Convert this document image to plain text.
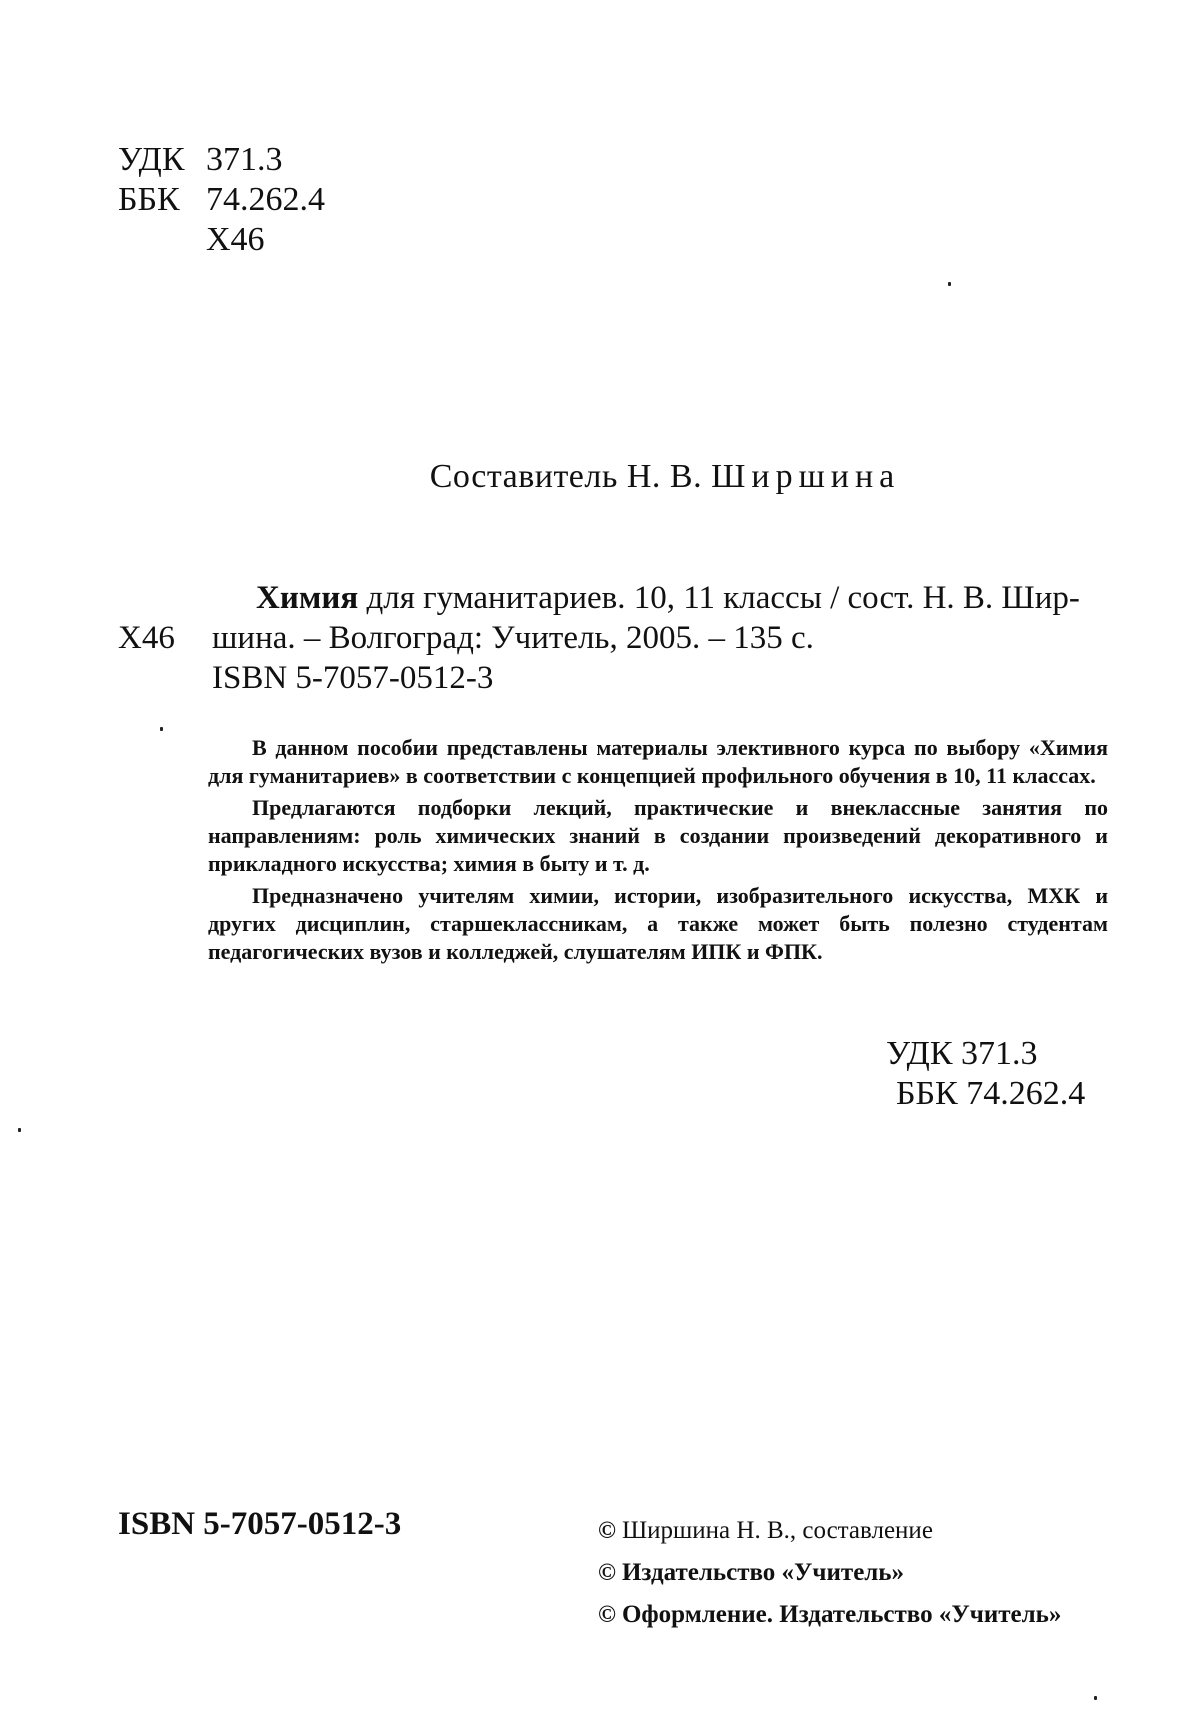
УДК 371.3
ББК 74.262.4
Х46
Составитель Н. В. Ширшина
Химия для гуманитариев. 10, 11 классы / сост. Н. В. Шир-
Х46 шина. – Волгоград: Учитель, 2005. – 135 с.
ISBN 5-7057-0512-3

В данном пособии представлены материалы элективного курса по выбору «Химия для гуманитариев» в соответствии с концепцией профильного обучения в 10, 11 классах.

Предлагаются подборки лекций, практические и внеклассные занятия по направлениям: роль химических знаний в создании произведений декоративного и прикладного искусства; химия в быту и т. д.

Предназначено учителям химии, истории, изобразительного искусства, МХК и других дисциплин, старшеклассникам, а также может быть полезно студентам педагогических вузов и колледжей, слушателям ИПК и ФПК.

УДК 371.3
ББК 74.262.4
ISBN 5-7057-0512-3	© Ширшина Н. В., составление
© Издательство «Учитель»
© Оформление. Издательство «Учитель»
